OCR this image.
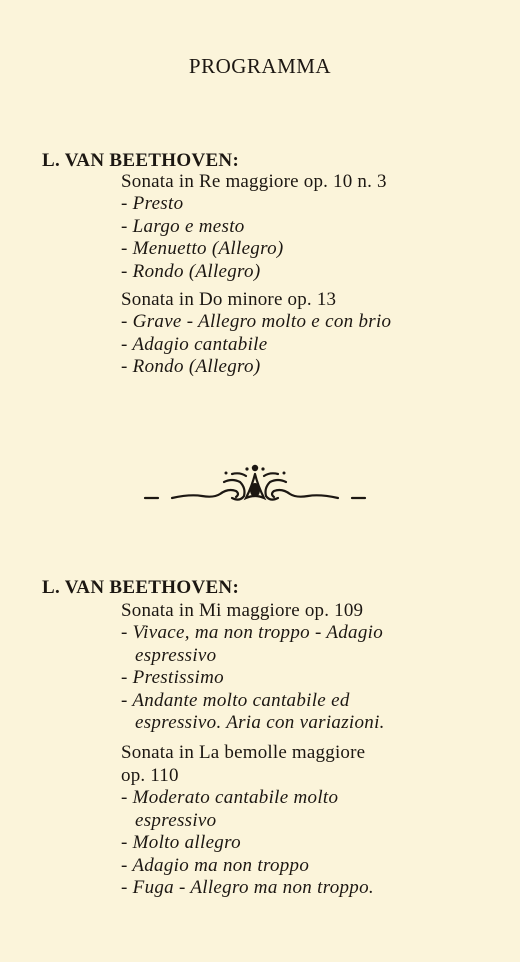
PROGRAMMA
L. VAN BEETHOVEN:
Sonata in Re maggiore op. 10 n. 3
- Presto
- Largo e mesto
- Menuetto (Allegro)
- Rondo (Allegro)
Sonata in Do minore op. 13
- Grave - Allegro molto e con brio
- Adagio cantabile
- Rondo (Allegro)
L. VAN BEETHOVEN:
Sonata in Mi maggiore op. 109
- Vivace, ma non troppo - Adagio
espressivo
- Prestissimo
- Andante molto cantabile ed
espressivo. Aria con variazioni.
Sonata in La bemolle maggiore
op. 110
- Moderato cantabile molto
espressivo
- Molto allegro
- Adagio ma non troppo
- Fuga - Allegro ma non troppo.
